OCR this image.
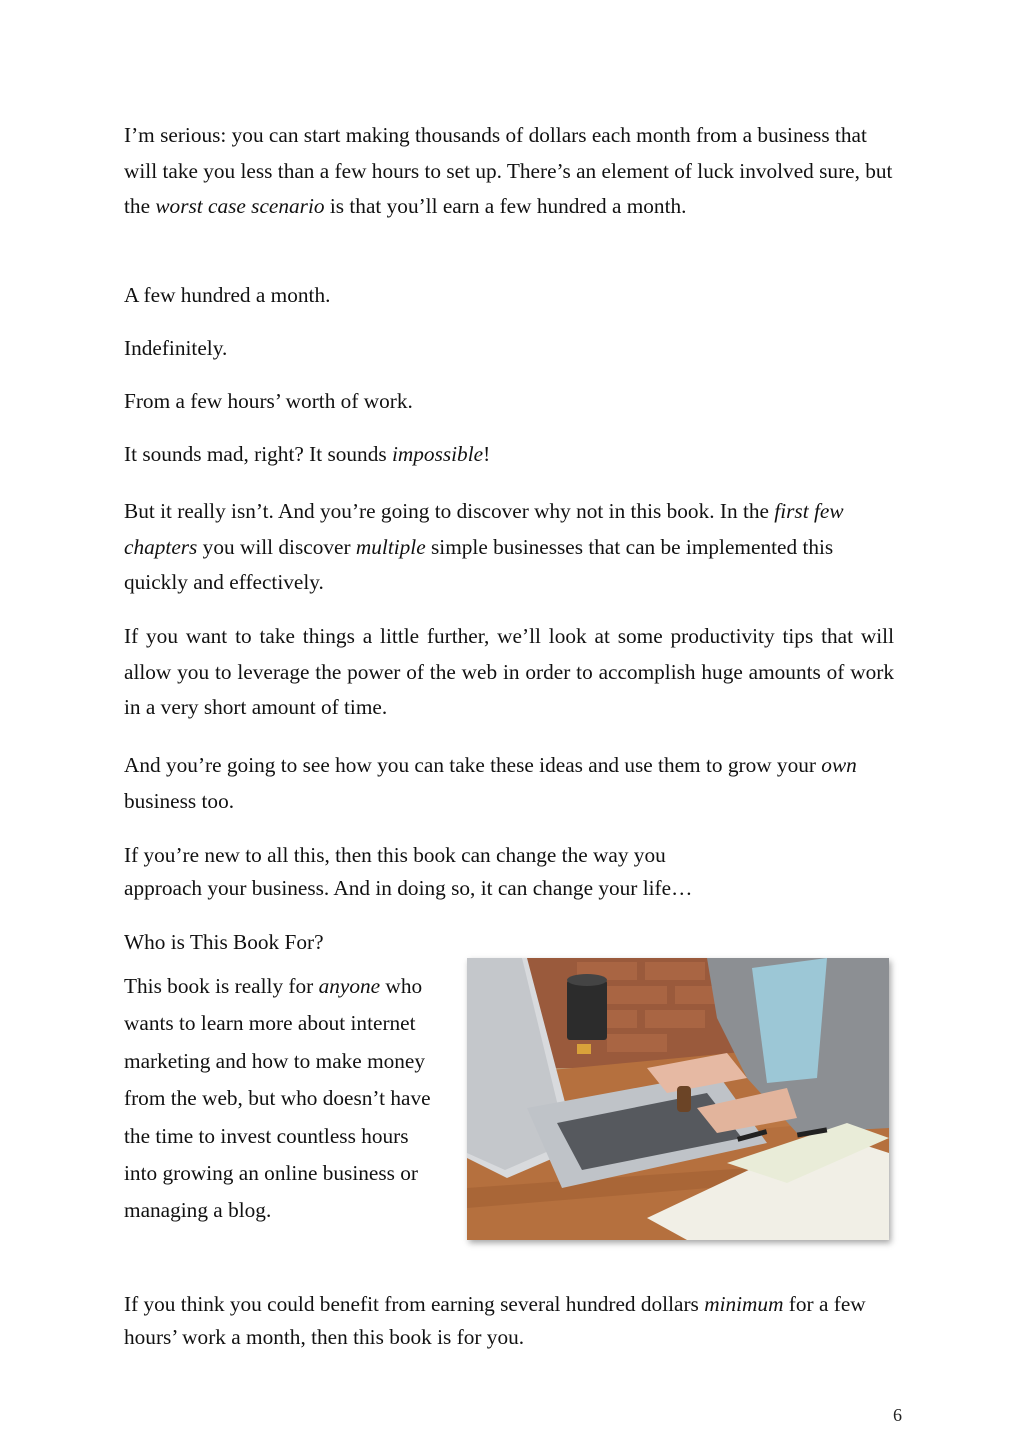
I’m serious: you can start making thousands of dollars each month from a business that will take you less than a few hours to set up. There’s an element of luck involved sure, but the worst case scenario is that you’ll earn a few hundred a month.

A few hundred a month.

Indefinitely.

From a few hours’ worth of work.

It sounds mad, right? It sounds impossible!

But it really isn’t. And you’re going to discover why not in this book. In the first few chapters you will discover multiple simple businesses that can be implemented this quickly and effectively.

If you want to take things a little further, we’ll look at some productivity tips that will allow you to leverage the power of the web in order to accomplish huge amounts of work in a very short amount of time.

And you’re going to see how you can take these ideas and use them to grow your own business too.

If you’re new to all this, then this book can change the way you
approach your business. And in doing so, it can change your life…

Who is This Book For?

This book is really for anyone who wants to learn more about internet marketing and how to make money from the web, but who doesn’t have the time to invest countless hours into growing an online business or managing a blog.

If you think you could benefit from earning several hundred dollars minimum for a few hours’ work a month, then this book is for you.

6
